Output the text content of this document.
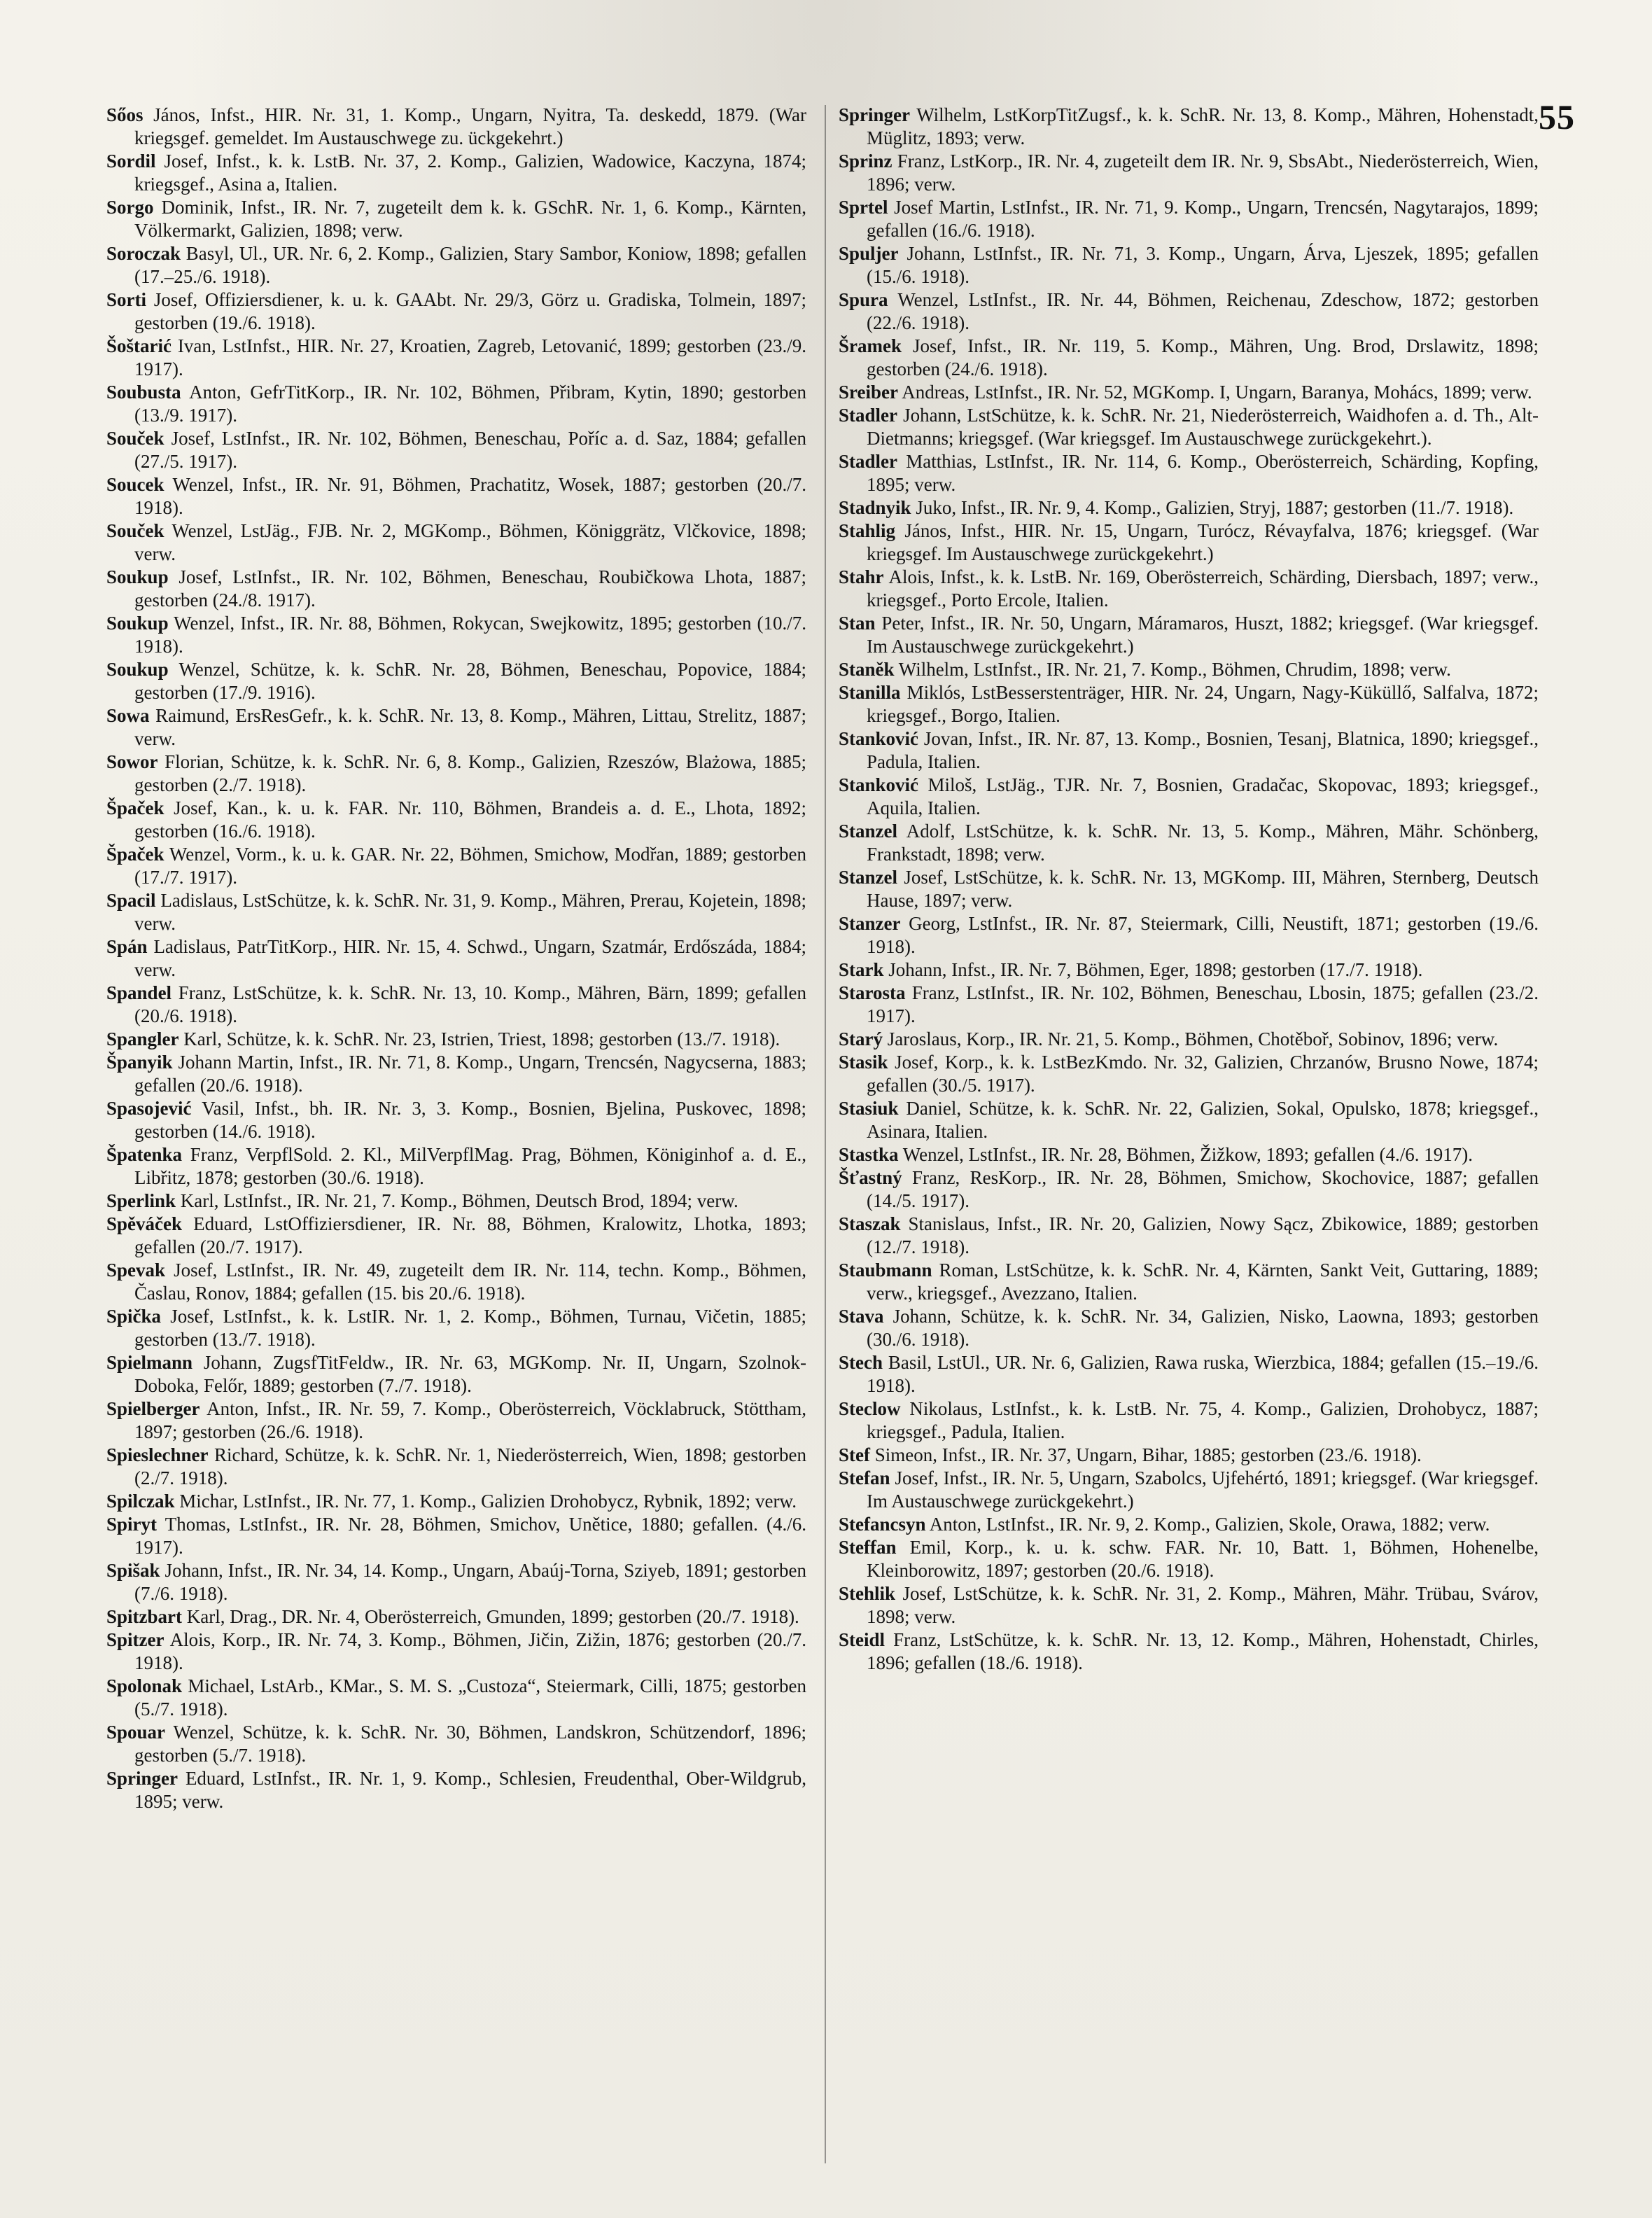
55

Sőos János, Infst., HIR. Nr. 31, 1. Komp., Ungarn, Nyitra, Ta. deskedd, 1879. (War kriegsgef. gemeldet. Im Austauschwege zu. ückgekehrt.)

Sordil Josef, Infst., k. k. LstB. Nr. 37, 2. Komp., Galizien, Wadowice, Kaczyna, 1874; kriegsgef., Asina a, Italien.

Sorgo Dominik, Infst., IR. Nr. 7, zugeteilt dem k. k. GSchR. Nr. 1, 6. Komp., Kärnten, Völkermarkt, Galizien, 1898; verw.

Soroczak Basyl, Ul., UR. Nr. 6, 2. Komp., Galizien, Stary Sambor, Koniow, 1898; gefallen (17.–25./6. 1918).

Sorti Josef, Offiziersdiener, k. u. k. GAAbt. Nr. 29/3, Görz u. Gradiska, Tolmein, 1897; gestorben (19./6. 1918).

Šoštarić Ivan, LstInfst., HIR. Nr. 27, Kroatien, Zagreb, Letovanić, 1899; gestorben (23./9. 1917).

Soubusta Anton, GefrTitKorp., IR. Nr. 102, Böhmen, Přibram, Kytin, 1890; gestorben (13./9. 1917).

Souček Josef, LstInfst., IR. Nr. 102, Böhmen, Beneschau, Poříc a. d. Saz, 1884; gefallen (27./5. 1917).

Soucek Wenzel, Infst., IR. Nr. 91, Böhmen, Prachatitz, Wosek, 1887; gestorben (20./7. 1918).

Souček Wenzel, LstJäg., FJB. Nr. 2, MGKomp., Böhmen, Königgrätz, Vlčkovice, 1898; verw.

Soukup Josef, LstInfst., IR. Nr. 102, Böhmen, Beneschau, Roubičkowa Lhota, 1887; gestorben (24./8. 1917).

Soukup Wenzel, Infst., IR. Nr. 88, Böhmen, Rokycan, Swejkowitz, 1895; gestorben (10./7. 1918).

Soukup Wenzel, Schütze, k. k. SchR. Nr. 28, Böhmen, Beneschau, Popovice, 1884; gestorben (17./9. 1916).

Sowa Raimund, ErsResGefr., k. k. SchR. Nr. 13, 8. Komp., Mähren, Littau, Strelitz, 1887; verw.

Sowor Florian, Schütze, k. k. SchR. Nr. 6, 8. Komp., Galizien, Rzeszów, Blażowa, 1885; gestorben (2./7. 1918).

Špaček Josef, Kan., k. u. k. FAR. Nr. 110, Böhmen, Brandeis a. d. E., Lhota, 1892; gestorben (16./6. 1918).

Špaček Wenzel, Vorm., k. u. k. GAR. Nr. 22, Böhmen, Smichow, Modřan, 1889; gestorben (17./7. 1917).

Spacil Ladislaus, LstSchütze, k. k. SchR. Nr. 31, 9. Komp., Mähren, Prerau, Kojetein, 1898; verw.

Spán Ladislaus, PatrTitKorp., HIR. Nr. 15, 4. Schwd., Ungarn, Szatmár, Erdőszáda, 1884; verw.

Spandel Franz, LstSchütze, k. k. SchR. Nr. 13, 10. Komp., Mähren, Bärn, 1899; gefallen (20./6. 1918).

Spangler Karl, Schütze, k. k. SchR. Nr. 23, Istrien, Triest, 1898; gestorben (13./7. 1918).

Španyik Johann Martin, Infst., IR. Nr. 71, 8. Komp., Ungarn, Trencsén, Nagycserna, 1883; gefallen (20./6. 1918).

Spasojević Vasil, Infst., bh. IR. Nr. 3, 3. Komp., Bosnien, Bjelina, Puskovec, 1898; gestorben (14./6. 1918).

Špatenka Franz, VerpflSold. 2. Kl., MilVerpflMag. Prag, Böhmen, Königinhof a. d. E., Libřitz, 1878; gestorben (30./6. 1918).

Sperlink Karl, LstInfst., IR. Nr. 21, 7. Komp., Böhmen, Deutsch Brod, 1894; verw.

Spěváček Eduard, LstOffiziersdiener, IR. Nr. 88, Böhmen, Kralowitz, Lhotka, 1893; gefallen (20./7. 1917).

Spevak Josef, LstInfst., IR. Nr. 49, zugeteilt dem IR. Nr. 114, techn. Komp., Böhmen, Časlau, Ronov, 1884; gefallen (15. bis 20./6. 1918).

Spička Josef, LstInfst., k. k. LstIR. Nr. 1, 2. Komp., Böhmen, Turnau, Vičetin, 1885; gestorben (13./7. 1918).

Spielmann Johann, ZugsfTitFeldw., IR. Nr. 63, MGKomp. Nr. II, Ungarn, Szolnok-Doboka, Felőr, 1889; gestorben (7./7. 1918).

Spielberger Anton, Infst., IR. Nr. 59, 7. Komp., Oberösterreich, Vöcklabruck, Stöttham, 1897; gestorben (26./6. 1918).

Spieslechner Richard, Schütze, k. k. SchR. Nr. 1, Niederösterreich, Wien, 1898; gestorben (2./7. 1918).

Spilczak Michar, LstInfst., IR. Nr. 77, 1. Komp., Galizien Drohobycz, Rybnik, 1892; verw.

Spiryt Thomas, LstInfst., IR. Nr. 28, Böhmen, Smichov, Unětice, 1880; gefallen. (4./6. 1917).

Spišak Johann, Infst., IR. Nr. 34, 14. Komp., Ungarn, Abaúj-Torna, Sziyeb, 1891; gestorben (7./6. 1918).

Spitzbart Karl, Drag., DR. Nr. 4, Oberösterreich, Gmunden, 1899; gestorben (20./7. 1918).

Spitzer Alois, Korp., IR. Nr. 74, 3. Komp., Böhmen, Jičin, Zižin, 1876; gestorben (20./7. 1918).

Spolonak Michael, LstArb., KMar., S. M. S. „Custoza“, Steiermark, Cilli, 1875; gestorben (5./7. 1918).

Spouar Wenzel, Schütze, k. k. SchR. Nr. 30, Böhmen, Landskron, Schützendorf, 1896; gestorben (5./7. 1918).

Springer Eduard, LstInfst., IR. Nr. 1, 9. Komp., Schlesien, Freudenthal, Ober-Wildgrub, 1895; verw.

Springer Wilhelm, LstKorpTitZugsf., k. k. SchR. Nr. 13, 8. Komp., Mähren, Hohenstadt, Müglitz, 1893; verw.

Sprinz Franz, LstKorp., IR. Nr. 4, zugeteilt dem IR. Nr. 9, SbsAbt., Niederösterreich, Wien, 1896; verw.

Sprtel Josef Martin, LstInfst., IR. Nr. 71, 9. Komp., Ungarn, Trencsén, Nagytarajos, 1899; gefallen (16./6. 1918).

Spuljer Johann, LstInfst., IR. Nr. 71, 3. Komp., Ungarn, Árva, Ljeszek, 1895; gefallen (15./6. 1918).

Spura Wenzel, LstInfst., IR. Nr. 44, Böhmen, Reichenau, Zdeschow, 1872; gestorben (22./6. 1918).

Šramek Josef, Infst., IR. Nr. 119, 5. Komp., Mähren, Ung. Brod, Drslawitz, 1898; gestorben (24./6. 1918).

Sreiber Andreas, LstInfst., IR. Nr. 52, MGKomp. I, Ungarn, Baranya, Mohács, 1899; verw.

Stadler Johann, LstSchütze, k. k. SchR. Nr. 21, Niederösterreich, Waidhofen a. d. Th., Alt-Dietmanns; kriegsgef. (War kriegsgef. Im Austauschwege zurückgekehrt.).

Stadler Matthias, LstInfst., IR. Nr. 114, 6. Komp., Oberösterreich, Schärding, Kopfing, 1895; verw.

Stadnyik Juko, Infst., IR. Nr. 9, 4. Komp., Galizien, Stryj, 1887; gestorben (11./7. 1918).

Stahlig János, Infst., HIR. Nr. 15, Ungarn, Turócz, Révayfalva, 1876; kriegsgef. (War kriegsgef. Im Austauschwege zurückgekehrt.)

Stahr Alois, Infst., k. k. LstB. Nr. 169, Oberösterreich, Schärding, Diersbach, 1897; verw., kriegsgef., Porto Ercole, Italien.

Stan Peter, Infst., IR. Nr. 50, Ungarn, Máramaros, Huszt, 1882; kriegsgef. (War kriegsgef. Im Austauschwege zurückgekehrt.)

Staněk Wilhelm, LstInfst., IR. Nr. 21, 7. Komp., Böhmen, Chrudim, 1898; verw.

Stanilla Miklós, LstBesserstenträger, HIR. Nr. 24, Ungarn, Nagy-Küküllő, Salfalva, 1872; kriegsgef., Borgo, Italien.

Stanković Jovan, Infst., IR. Nr. 87, 13. Komp., Bosnien, Tesanj, Blatnica, 1890; kriegsgef., Padula, Italien.

Stanković Miloš, LstJäg., TJR. Nr. 7, Bosnien, Gradačac, Skopovac, 1893; kriegsgef., Aquila, Italien.

Stanzel Adolf, LstSchütze, k. k. SchR. Nr. 13, 5. Komp., Mähren, Mähr. Schönberg, Frankstadt, 1898; verw.

Stanzel Josef, LstSchütze, k. k. SchR. Nr. 13, MGKomp. III, Mähren, Sternberg, Deutsch Hause, 1897; verw.

Stanzer Georg, LstInfst., IR. Nr. 87, Steiermark, Cilli, Neustift, 1871; gestorben (19./6. 1918).

Stark Johann, Infst., IR. Nr. 7, Böhmen, Eger, 1898; gestorben (17./7. 1918).

Starosta Franz, LstInfst., IR. Nr. 102, Böhmen, Beneschau, Lbosin, 1875; gefallen (23./2. 1917).

Starý Jaroslaus, Korp., IR. Nr. 21, 5. Komp., Böhmen, Chotěboř, Sobinov, 1896; verw.

Stasik Josef, Korp., k. k. LstBezKmdo. Nr. 32, Galizien, Chrzanów, Brusno Nowe, 1874; gefallen (30./5. 1917).

Stasiuk Daniel, Schütze, k. k. SchR. Nr. 22, Galizien, Sokal, Opulsko, 1878; kriegsgef., Asinara, Italien.

Stastka Wenzel, LstInfst., IR. Nr. 28, Böhmen, Žižkow, 1893; gefallen (4./6. 1917).

Šťastný Franz, ResKorp., IR. Nr. 28, Böhmen, Smichow, Skochovice, 1887; gefallen (14./5. 1917).

Staszak Stanislaus, Infst., IR. Nr. 20, Galizien, Nowy Sącz, Zbikowice, 1889; gestorben (12./7. 1918).

Staubmann Roman, LstSchütze, k. k. SchR. Nr. 4, Kärnten, Sankt Veit, Guttaring, 1889; verw., kriegsgef., Avezzano, Italien.

Stava Johann, Schütze, k. k. SchR. Nr. 34, Galizien, Nisko, Laowna, 1893; gestorben (30./6. 1918).

Stech Basil, LstUl., UR. Nr. 6, Galizien, Rawa ruska, Wierzbica, 1884; gefallen (15.–19./6. 1918).

Steclow Nikolaus, LstInfst., k. k. LstB. Nr. 75, 4. Komp., Galizien, Drohobycz, 1887; kriegsgef., Padula, Italien.

Stef Simeon, Infst., IR. Nr. 37, Ungarn, Bihar, 1885; gestorben (23./6. 1918).

Stefan Josef, Infst., IR. Nr. 5, Ungarn, Szabolcs, Ujfehértó, 1891; kriegsgef. (War kriegsgef. Im Austauschwege zurückgekehrt.)

Stefancsyn Anton, LstInfst., IR. Nr. 9, 2. Komp., Galizien, Skole, Orawa, 1882; verw.

Steffan Emil, Korp., k. u. k. schw. FAR. Nr. 10, Batt. 1, Böhmen, Hohenelbe, Kleinborowitz, 1897; gestorben (20./6. 1918).

Stehlik Josef, LstSchütze, k. k. SchR. Nr. 31, 2. Komp., Mähren, Mähr. Trübau, Svárov, 1898; verw.

Steidl Franz, LstSchütze, k. k. SchR. Nr. 13, 12. Komp., Mähren, Hohenstadt, Chirles, 1896; gefallen (18./6. 1918).
